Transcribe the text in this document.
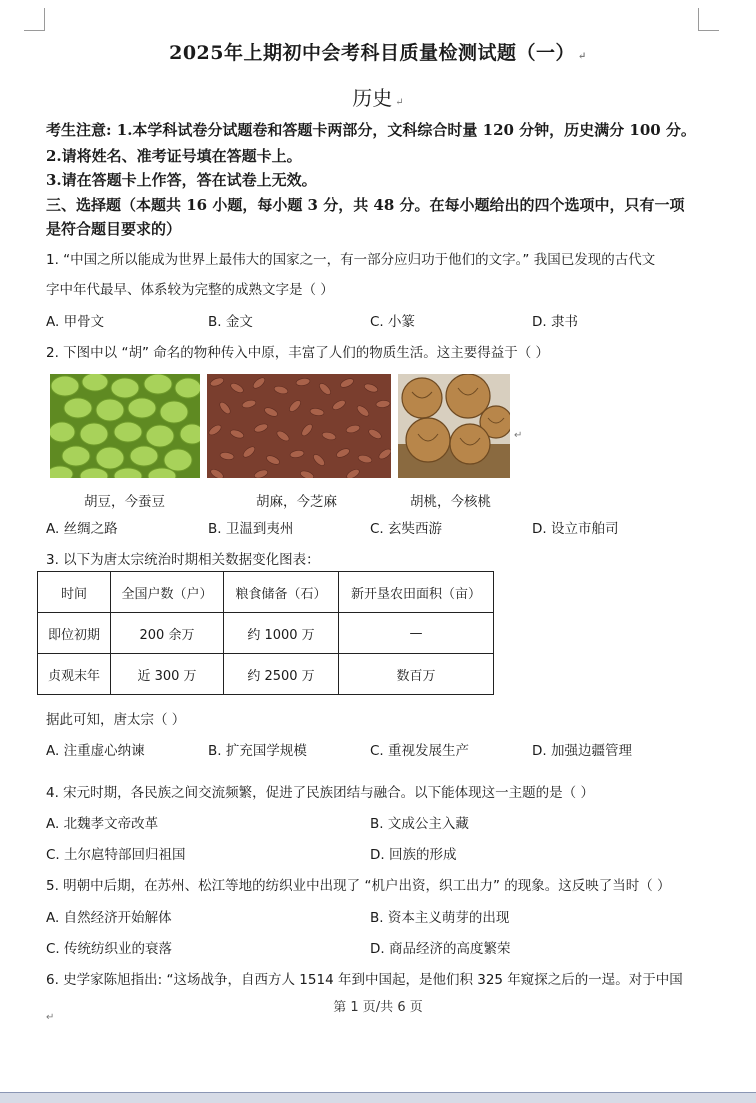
2025年上期初中会考科目质量检测试题（一） ↵
历史 ↵
考生注意: 1.本学科试卷分试题卷和答题卡两部分，文科综合时量 120 分钟，历史满分 100 分。
2.请将姓名、准考证号填在答题卡上。
3.请在答题卡上作答，答在试卷上无效。
三、选择题（本题共 16 小题，每小题 3 分，共 48 分。在每小题给出的四个选项中，只有一项
是符合题目要求的）
1. “中国之所以能成为世界上最伟大的国家之一，有一部分应归功于他们的文字。” 我国已发现的古代文
字中年代最早、体系较为完整的成熟文字是（ ）
A. 甲骨文	B. 金文	C. 小篆	D. 隶书
2. 下图中以 “胡” 命名的物种传入中原，丰富了人们的物质生活。这主要得益于（ ）
↵
胡豆，今蚕豆	胡麻，今芝麻	胡桃，今核桃
A. 丝绸之路	B. 卫温到夷州	C. 玄奘西游	D. 设立市舶司
3. 以下为唐太宗统治时期相关数据变化图表：
时间	全国户数（户）	粮食储备（石）	新开垦农田面积（亩）
即位初期	200 余万	约 1000 万	—
贞观末年	近 300 万	约 2500 万	数百万
据此可知，唐太宗（ ）
A. 注重虚心纳谏	B. 扩充国学规模	C. 重视发展生产	D. 加强边疆管理
4. 宋元时期，各民族之间交流频繁，促进了民族团结与融合。以下能体现这一主题的是（ ）
A. 北魏孝文帝改革	B. 文成公主入藏
C. 土尔扈特部回归祖国	D. 回族的形成
5. 明朝中后期，在苏州、松江等地的纺织业中出现了 “机户出资，织工出力” 的现象。这反映了当时（ ）
A. 自然经济开始解体	B. 资本主义萌芽的出现
C. 传统纺织业的衰落	D. 商品经济的高度繁荣
6. 史学家陈旭指出: “这场战争，自西方人 1514 年到中国起，是他们积 325 年窥探之后的一逞。对于中国
第 1 页/共 6 页
↵
